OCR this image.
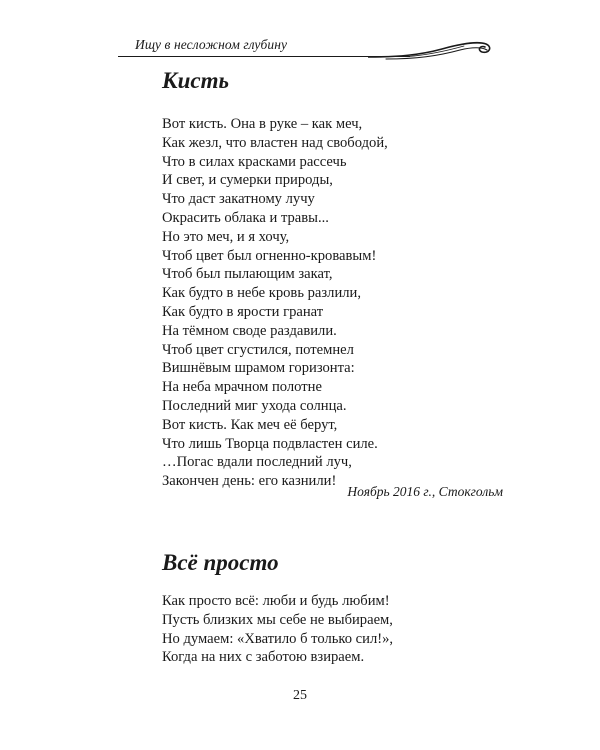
Ищу в несложном глубину
Кисть
Вот кисть. Она в руке – как меч,
Как жезл, что властен над свободой,
Что в силах красками рассечь
И свет, и сумерки природы,
Что даст закатному лучу
Окрасить облака и травы...
Но это меч, и я хочу,
Чтоб цвет был огненно-кровавым!
Чтоб был пылающим закат,
Как будто в небе кровь разлили,
Как будто в ярости гранат
На тёмном своде раздавили.
Чтоб цвет сгустился, потемнел
Вишнёвым шрамом горизонта:
На неба мрачном полотне
Последний миг ухода солнца.
Вот кисть. Как меч её берут,
Что лишь Творца подвластен силе.
…Погас вдали последний луч,
Закончен день: его казнили!
Ноябрь 2016 г., Стокгольм
Всё просто
Как просто всё: люби и будь любим!
Пусть близких мы себе не выбираем,
Но думаем: «Хватило б только сил!»,
Когда на них с заботою взираем.
25
